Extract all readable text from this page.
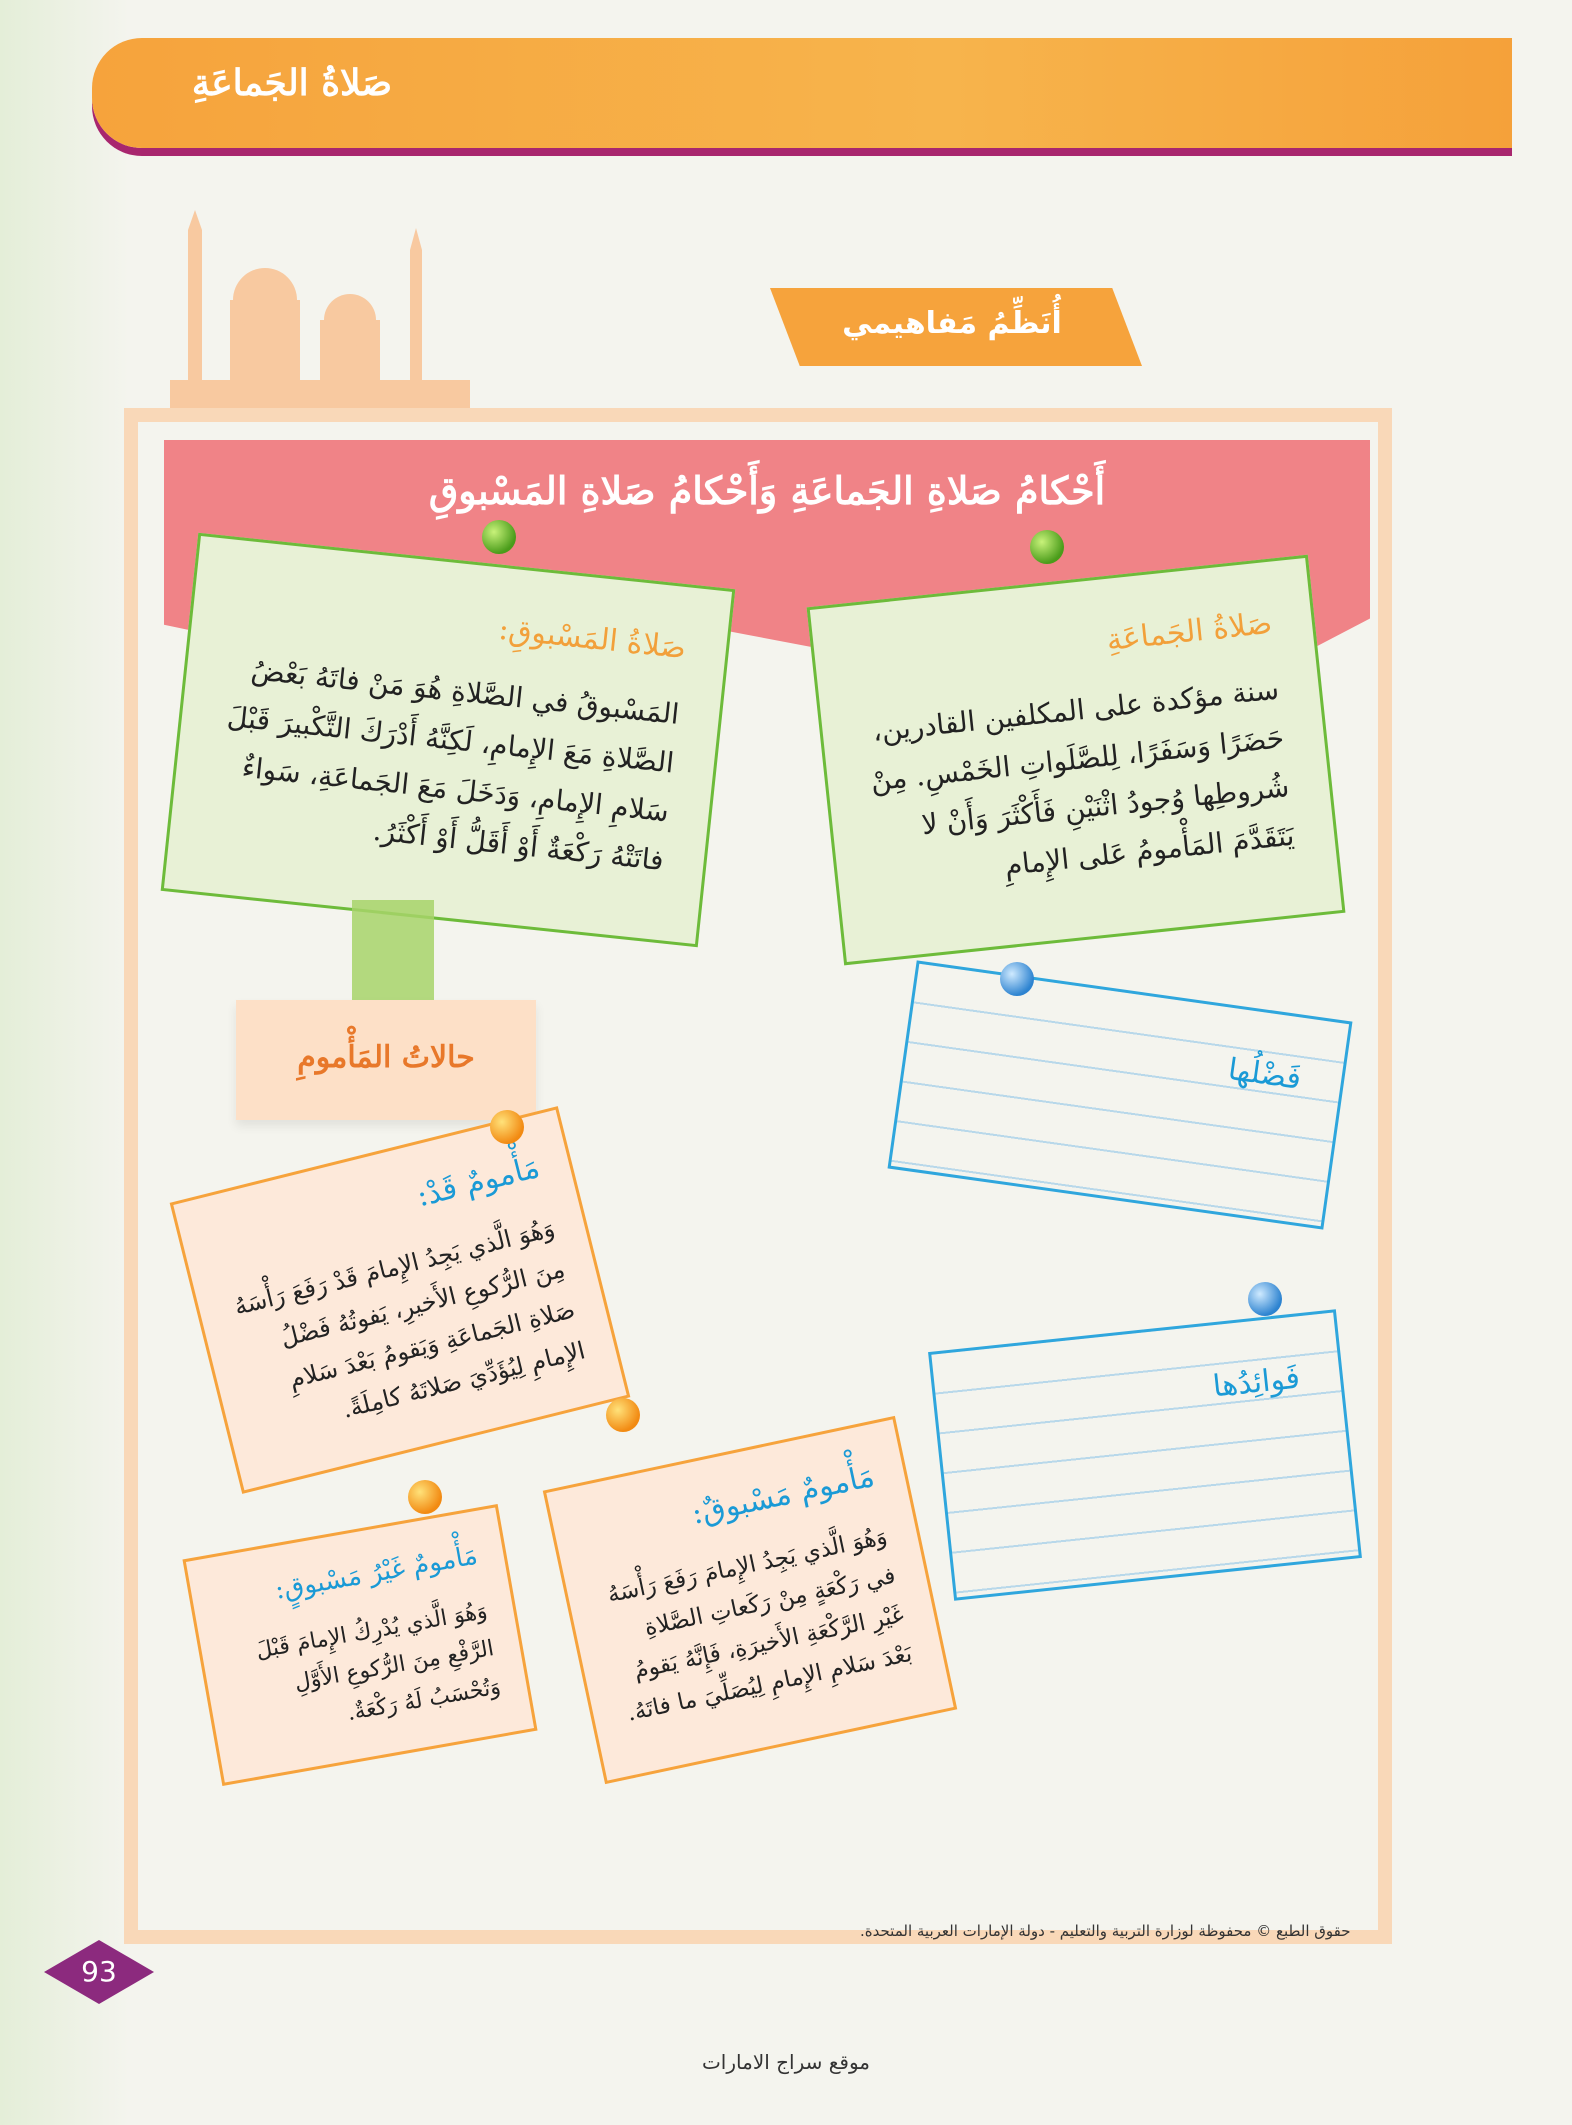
صَلاةُ الجَماعَةِ
أُنَظِّمُ مَفاهيمي
أَحْكامُ صَلاةِ الجَماعَةِ وَأَحْكامُ صَلاةِ المَسْبوقِ
صَلاةُ الجَماعَةِ

سنة مؤكدة على المكلفين القادرين، حَضَرًا وَسَفَرًا، لِلصَّلَواتِ الخَمْسِ. مِنْ شُروطِها وُجودُ اثْنَيْنِ فَأَكْثَرَ وَأَنْ لا يَتَقَدَّمَ المَأْمومُ عَلى الإِمامِ

صَلاةُ المَسْبوقِ:

المَسْبوقُ في الصَّلاةِ هُوَ مَنْ فاتَهُ بَعْضُ الصَّلاةِ مَعَ الإِمامِ، لَكِنَّهُ أَدْرَكَ التَّكْبيرَ قَبْلَ سَلامِ الإِمامِ، وَدَخَلَ مَعَ الجَماعَةِ، سَواءٌ فاتَتْهُ رَكْعَةٌ أَوْ أَقَلُّ أَوْ أَكْثَرُ.

حالاتُ المَأْمومِ	فَضْلُها
فَوائِدُها
مَأْمومٌ قَدْ:

وَهُوَ الَّذي يَجِدُ الإِمامَ قَدْ رَفَعَ رَأْسَهُ مِنَ الرُّكوعِ الأَخيرِ، يَفوتُهُ فَضْلُ صَلاةِ الجَماعَةِ وَيَقومُ بَعْدَ سَلامِ الإِمامِ لِيُؤَدِّيَ صَلاتَهُ كامِلَةً.

مَأْمومٌ مَسْبوقٌ:

وَهُوَ الَّذي يَجِدُ الإِمامَ رَفَعَ رَأْسَهُ في رَكْعَةٍ مِنْ رَكَعاتِ الصَّلاةِ غَيْرِ الرَّكْعَةِ الأَخيرَةِ، فَإِنَّهُ يَقومُ بَعْدَ سَلامِ الإِمامِ لِيُصَلِّيَ ما فاتَهُ.

مَأْمومٌ غَيْرُ مَسْبوقٍ:

وَهُوَ الَّذي يُدْرِكُ الإِمامَ قَبْلَ الرَّفْعِ مِنَ الرُّكوعِ الأَوَّلِ وَتُحْسَبُ لَهُ رَكْعَةٌ.

حقوق الطبع © محفوظة لوزارة التربية والتعليم - دولة الإمارات العربية المتحدة.
93
موقع سراج الامارات
